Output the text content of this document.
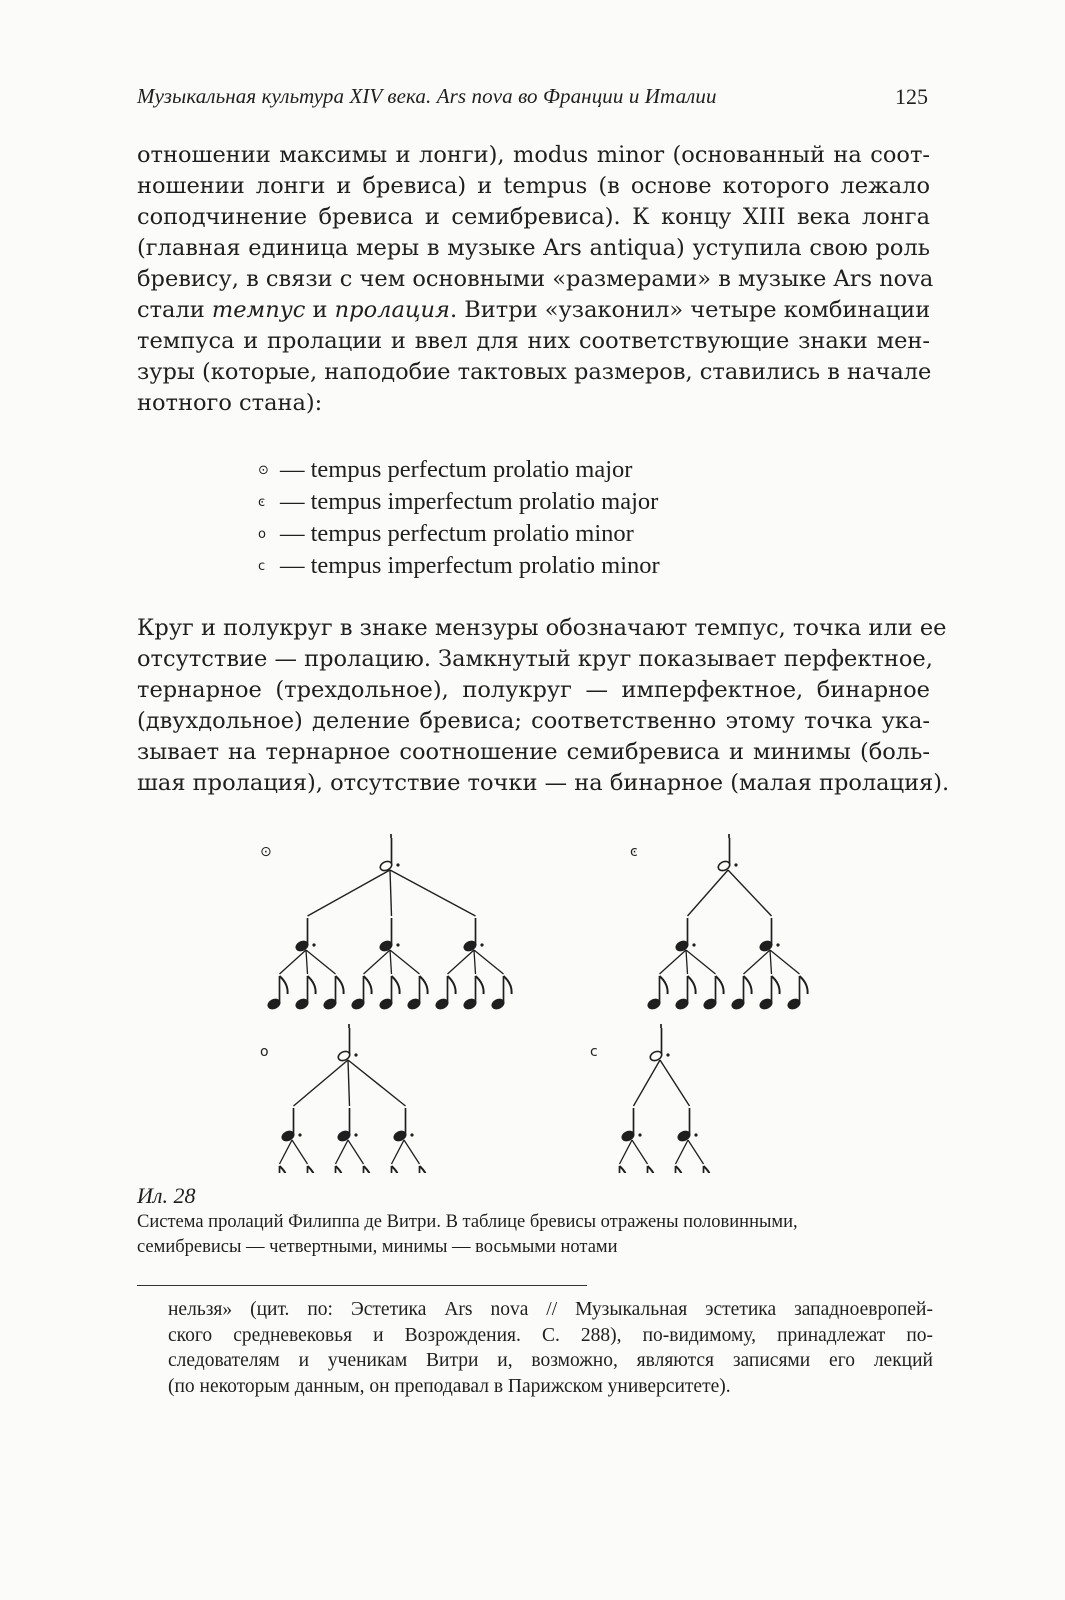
Музыкальная культура XIV века. Ars nova во Франции и Италии	125

отношении максимы и лонги), modus minor (основанный на соот-
ношении лонги и бревиса) и tempus (в основе которого лежало
соподчинение бревиса и семибревиса). К концу XIII века лонга
(главная единица меры в музыке Ars antiqua) уступила свою роль
бревису, в связи с чем основными «размерами» в музыке Ars nova
стали темпус и пролация. Витри «узаконил» четыре комбинации
темпуса и пролации и ввел для них соответствующие знаки мен-
зуры (которые, наподобие тактовых размеров, ставились в начале
нотного стана):

⊙ — tempus perfectum prolatio major
ͼ — tempus imperfectum prolatio major
o — tempus perfectum prolatio minor
c — tempus imperfectum prolatio minor

Круг и полукруг в знаке мензуры обозначают темпус, точка или ее
отсутствие — пролацию. Замкнутый круг показывает перфектное,
тернарное (трехдольное), полукруг — имперфектное, бинарное
(двухдольное) деление бревиса; соответственно этому точка ука-
зывает на тернарное соотношение семибревиса и минимы (боль-
шая пролация), отсутствие точки — на бинарное (малая пролация).

⊙	ͼ
o	c
Ил. 28
Система пролаций Филиппа де Витри. В таблице бревисы отражены половинными,
семибревисы — четвертными, минимы — восьмыми нотами
нельзя» (цит. по: Эстетика Ars nova // Музыкальная эстетика западноевропей-
ского средневековья и Возрождения. С. 288), по-видимому, принадлежат по-
следователям и ученикам Витри и, возможно, являются записями его лекций
(по некоторым данным, он преподавал в Парижском университете).
